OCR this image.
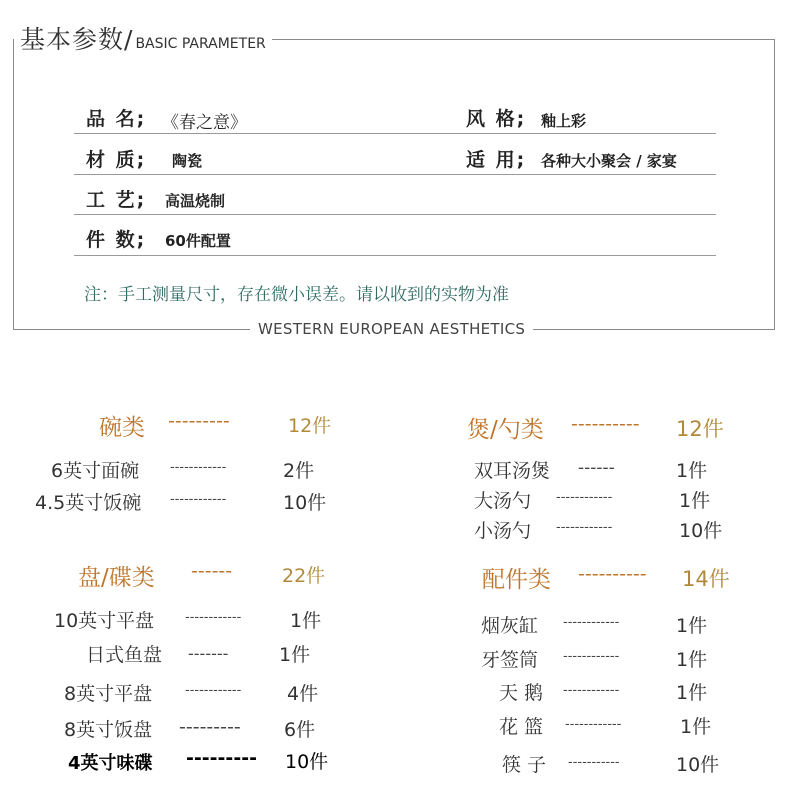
基本参数/ BASIC PARAMETER
WESTERN EUROPEAN AESTHETICS
品 名; 《春之意》	风 格; 釉上彩
材 质; 陶瓷	适 用; 各种大小聚会 / 家宴
工 艺; 高温烧制
件 数; 60件配置
注：手工测量尺寸，存在微小误差。请以收到的实物为准
碗类 ---------	12件
6英寸面碗 ------------	2件
4.5英寸饭碗 ------------	10件
盘/碟类 ------	22件
10英寸平盘 ------------	1件
日式鱼盘 -------	1件
8英寸平盘	------------ 4件
8英寸饭盘 --------- 6件
4英寸味碟 --------- 10件
煲/勺类 ---------- 12件
双耳汤煲 ------	1件
大汤勺 ------------	1件
小汤勺 ------------	10件
配件类 ---------- 14件
烟灰缸 ------------	1件
牙签筒 ------------	1件
天 鹅 ------------	1件
花 篮 ------------	1件
筷 子 -----------	10件
